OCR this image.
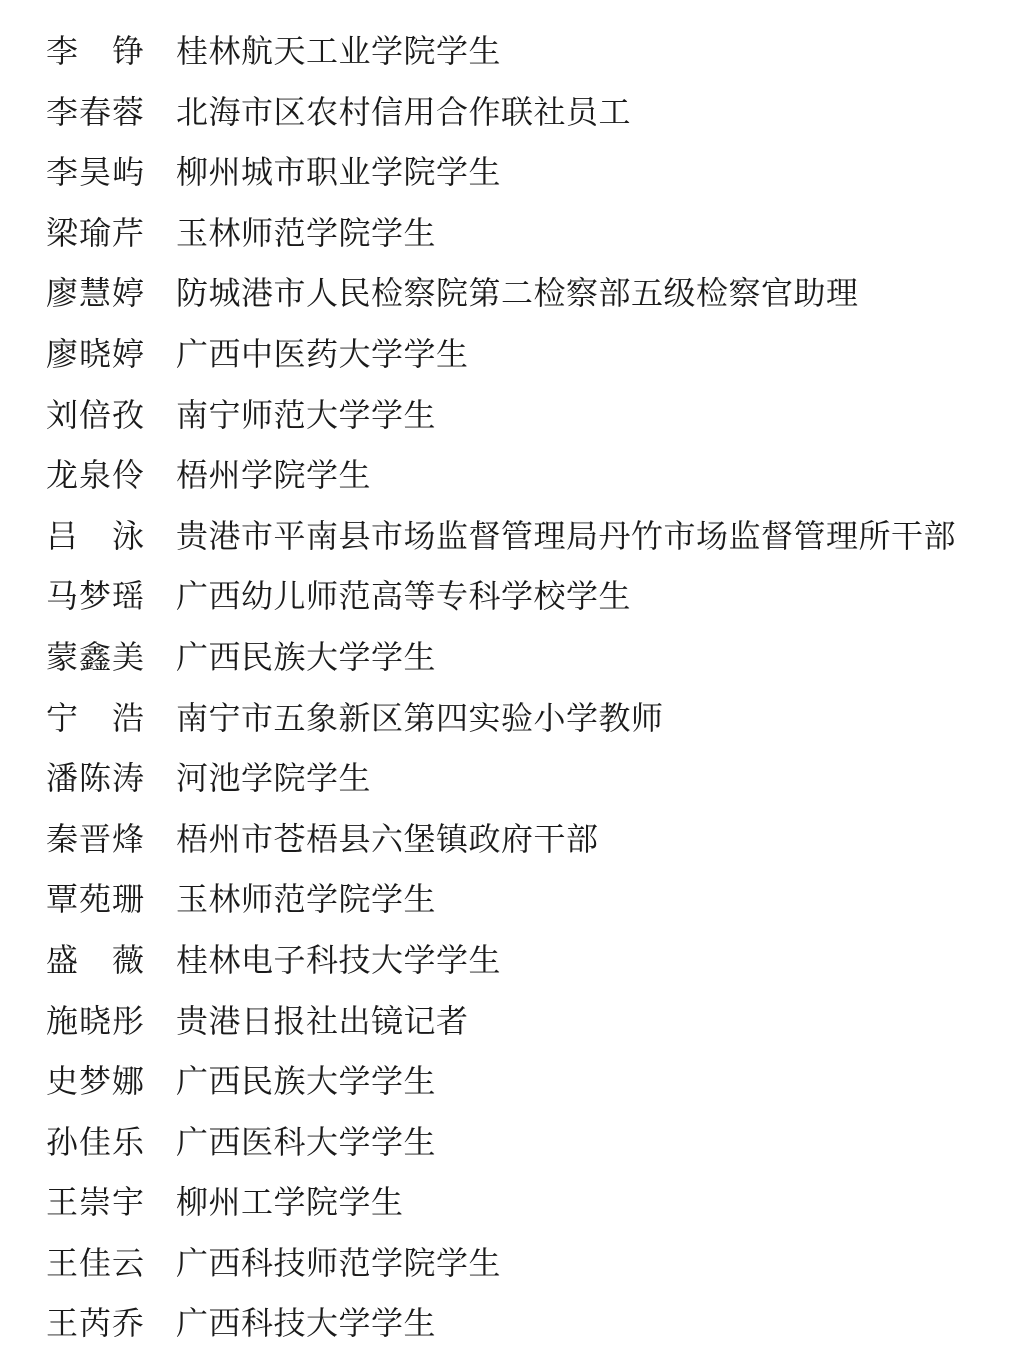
李　铮 桂林航天工业学院学生
李春蓉 北海市区农村信用合作联社员工
李昊屿 柳州城市职业学院学生
梁瑜芹 玉林师范学院学生
廖慧婷 防城港市人民检察院第二检察部五级检察官助理
廖晓婷 广西中医药大学学生
刘倍孜 南宁师范大学学生
龙泉伶 梧州学院学生
吕　泳 贵港市平南县市场监督管理局丹竹市场监督管理所干部
马梦瑶 广西幼儿师范高等专科学校学生
蒙鑫美 广西民族大学学生
宁　浩 南宁市五象新区第四实验小学教师
潘陈涛 河池学院学生
秦晋烽 梧州市苍梧县六堡镇政府干部
覃苑珊 玉林师范学院学生
盛　薇 桂林电子科技大学学生
施晓彤 贵港日报社出镜记者
史梦娜 广西民族大学学生
孙佳乐 广西医科大学学生
王崇宇 柳州工学院学生
王佳云 广西科技师范学院学生
王芮乔 广西科技大学学生
